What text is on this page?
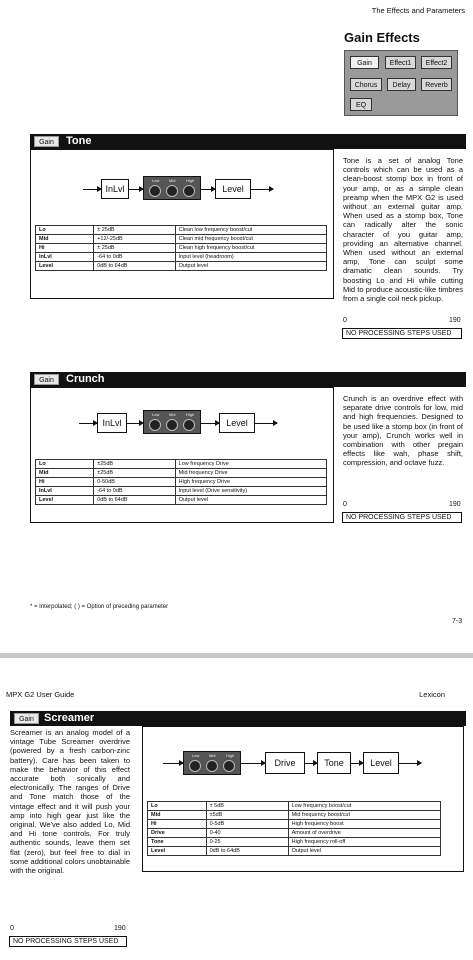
The Effects and Parameters
Gain Effects
Gain	Effect1	Effect2
Chorus	Delay	Reverb
EQ
Gain	Tone
InLvl
Low Mid	High
Level
Lo	± 25dB	Clean low frequency boost/cut
Mid	+12/-25dB	Clean mid frequency boost/cut
Hi	± 25dB	Clean high frequency boost/cut
InLvl	-64 to 0dB	Input level (headroom)
Level	0dB to 64dB	Output level
Tone is a set of analog Tone controls which can be used as a clean-boost stomp box in front of your amp, or as a simple clean preamp when the MPX G2 is used without an external guitar amp. When used as a stomp box, Tone can radically alter the sonic character of you guitar amp, providing an alternative channel. When used without an external amp, Tone can sculpt some dramatic clean sounds. Try boosting Lo and Hi while cutting Mid to produce acoustic-like timbres from a single coil neck pickup.
0	190
NO PROCESSING STEPS USED
Gain	Crunch
InLvl
Low Mid	High
Level
Lo	±25dB	Low frequency Drive
Mid	±25dB	Mid frequency Drive
Hi	0-50dB	High frequency Drive
InLvl	-64 to 0dB	Input level (Drive sensitivity)
Level	0dB to 64dB	Output level
Crunch is an overdrive effect with separate drive controls for low, mid and high frequencies. Designed to be used like a stomp box (in front of your amp), Crunch works well in combination with other pregain effects like wah, phase shift, compression, and octave fuzz.
0	190
NO PROCESSING STEPS USED
* = Interpolated; ( ) = Option of preceding parameter
7-3
MPX G2 User Guide	Lexicon
Gain Screamer
Screamer is an analog model of a vintage Tube Screamer overdrive (powered by a fresh carbon-zinc battery). Care has been taken to make the behavior of this effect accurate both sonically and electronically. The ranges of Drive and Tone match those of the vintage effect and it will push your amp into high gear just like the original. We've also added Lo, Mid and Hi tone controls. For truly authentic sounds, leave them set flat (zero), but feel free to dial in some additional colors unobtainable with the original.
0	190
NO PROCESSING STEPS USED
Low Mid	High
Drive	Tone	Level
Lo	± 5dB	Low frequency boost/cut
Mid	±5dB	Mid frequency boost/cut
Hi	0-5dB	High frequency boost
Drive	0-40	Amount of overdrive
Tone	0-25	High frequency roll-off
Level	0dB to 64dB	Output level
